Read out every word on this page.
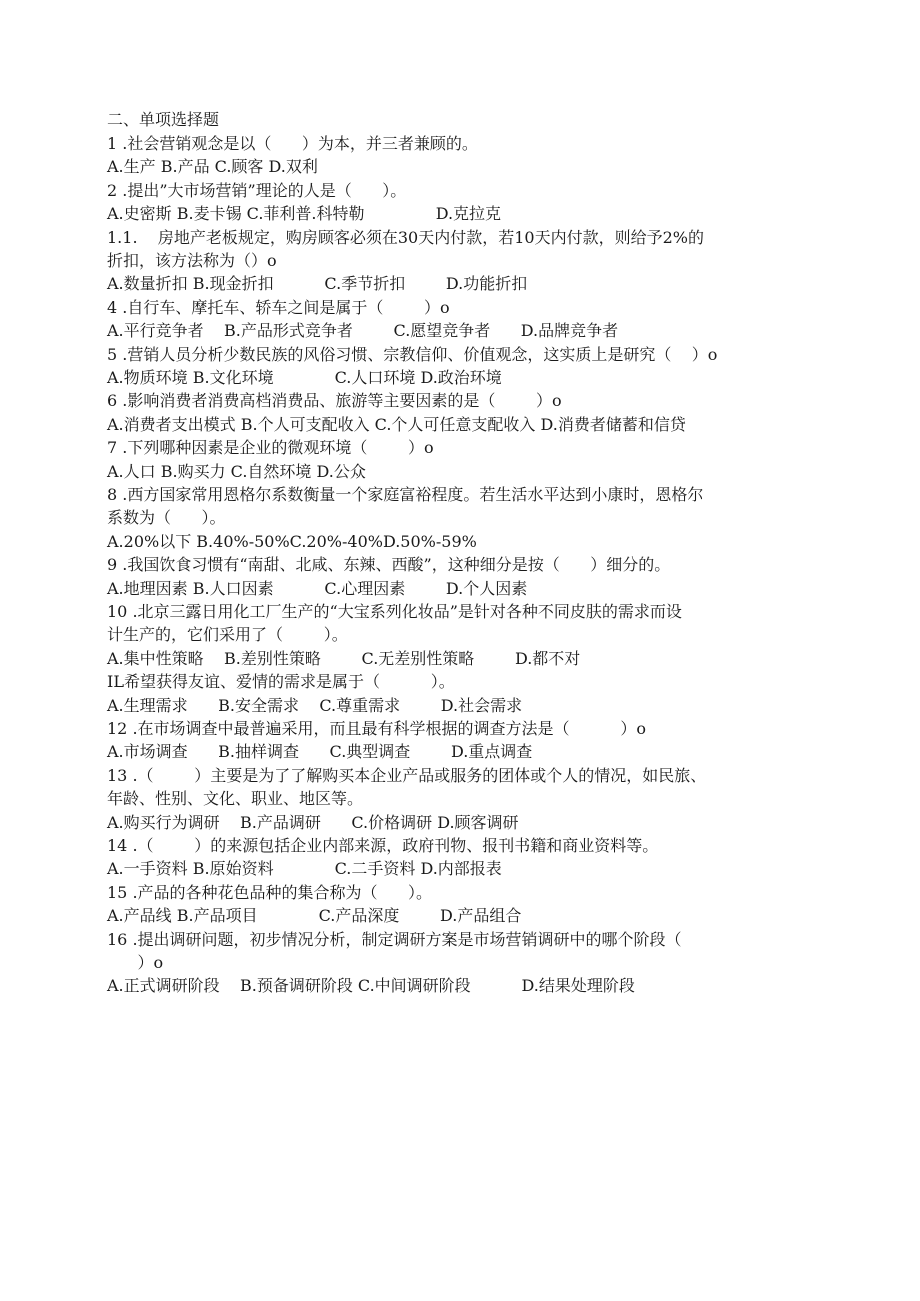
二、单项选择题
1 .社会营销观念是以（      ）为本，并三者兼顾的。
A.生产 B.产品 C.顾客 D.双利
2 .提出”大市场营销”理论的人是（      ）。
A.史密斯 B.麦卡锡 C.菲利普.科特勒              D.克拉克
1.1.    房地产老板规定，购房顾客必须在30天内付款，若10天内付款，则给予2%的
折扣，该方法称为（）o
A.数量折扣 B.现金折扣          C.季节折扣        D.功能折扣
4 .自行车、摩托车、轿车之间是属于（        ）o
A.平行竞争者    B.产品形式竞争者        C.愿望竞争者      D.品牌竞争者
5 .营销人员分析少数民族的风俗习惯、宗教信仰、价值观念，这实质上是研究（    ）o
A.物质环境 B.文化环境            C.人口环境 D.政治环境
6 .影响消费者消费高档消费品、旅游等主要因素的是（        ）o
A.消费者支出模式 B.个人可支配收入 C.个人可任意支配收入 D.消费者储蓄和信贷
7 .下列哪种因素是企业的微观环境（        ）o
A.人口 B.购买力 C.自然环境 D.公众
8 .西方国家常用恩格尔系数衡量一个家庭富裕程度。若生活水平达到小康时，恩格尔
系数为（      ）。
A.20%以下 B.40%-50%C.20%-40%D.50%-59%
9 .我国饮食习惯有“南甜、北咸、东辣、西酸”，这种细分是按（      ）细分的。
A.地理因素 B.人口因素          C.心理因素        D.个人因素
10 .北京三露日用化工厂生产的“大宝系列化妆品”是针对各种不同皮肤的需求而设
计生产的，它们采用了（        ）。
A.集中性策略    B.差别性策略        C.无差别性策略        D.都不对
IL希望获得友谊、爱情的需求是属于（          ）。
A.生理需求      B.安全需求    C.尊重需求        D.社会需求
12 .在市场调查中最普遍采用，而且最有科学根据的调查方法是（          ）o
A.市场调查      B.抽样调查      C.典型调查        D.重点调查
13 .（        ）主要是为了了解购买本企业产品或服务的团体或个人的情况，如民旅、
年龄、性别、文化、职业、地区等。
A.购买行为调研    B.产品调研      C.价格调研 D.顾客调研
14 .（        ）的来源包括企业内部来源，政府刊物、报刊书籍和商业资料等。
A.一手资料 B.原始资料            C.二手资料 D.内部报表
15 .产品的各种花色品种的集合称为（      ）。
A.产品线 B.产品项目            C.产品深度        D.产品组合
16 .提出调研问题，初步情况分析，制定调研方案是市场营销调研中的哪个阶段（
）o
A.正式调研阶段    B.预备调研阶段 C.中间调研阶段          D.结果处理阶段
